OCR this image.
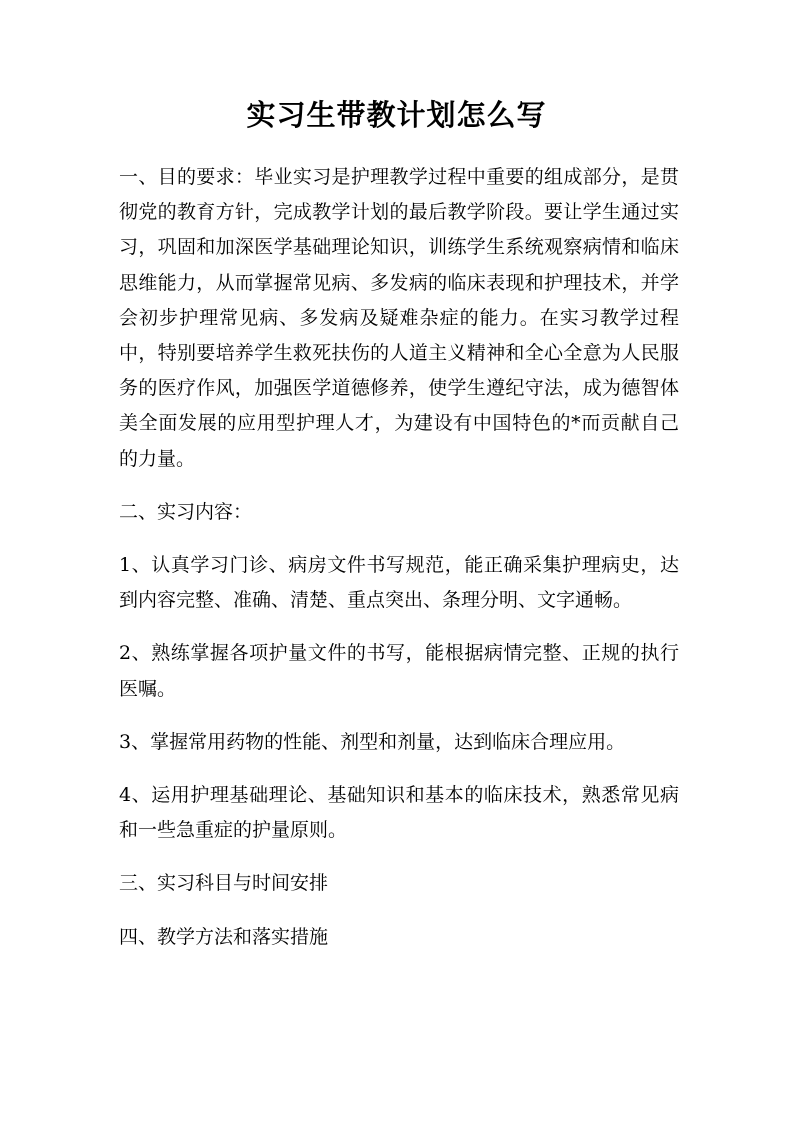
实习生带教计划怎么写

一、目的要求：毕业实习是护理教学过程中重要的组成部分，是贯彻党的教育方针，完成教学计划的最后教学阶段。要让学生通过实习，巩固和加深医学基础理论知识，训练学生系统观察病情和临床思维能力，从而掌握常见病、多发病的临床表现和护理技术，并学会初步护理常见病、多发病及疑难杂症的能力。在实习教学过程中，特别要培养学生救死扶伤的人道主义精神和全心全意为人民服务的医疗作风，加强医学道德修养，使学生遵纪守法，成为德智体美全面发展的应用型护理人才，为建设有中国特色的*而贡献自己的力量。

二、实习内容：

1、认真学习门诊、病房文件书写规范，能正确采集护理病史，达到内容完整、准确、清楚、重点突出、条理分明、文字通畅。

2、熟练掌握各项护量文件的书写，能根据病情完整、正规的执行医嘱。

3、掌握常用药物的性能、剂型和剂量，达到临床合理应用。

4、运用护理基础理论、基础知识和基本的临床技术，熟悉常见病和一些急重症的护量原则。

三、实习科目与时间安排

四、教学方法和落实措施
